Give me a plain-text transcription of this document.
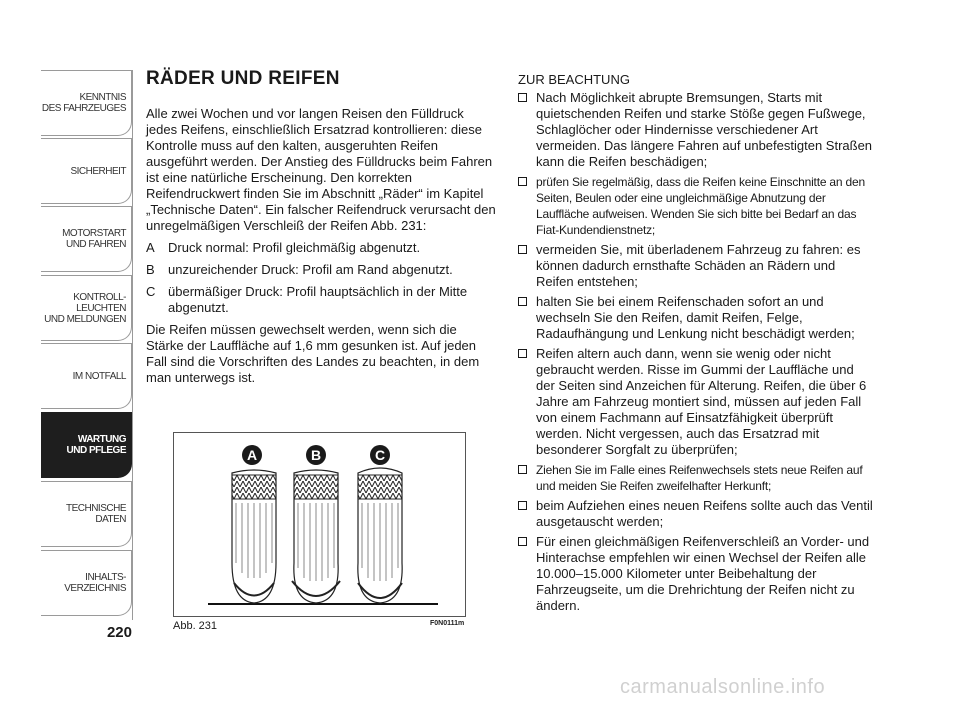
KENNTNIS
DES FAHRZEUGES
SICHERHEIT
MOTORSTART
UND FAHREN
KONTROLL-
LEUCHTEN
UND MELDUNGEN
IM NOTFALL
WARTUNG
UND PFLEGE
TECHNISCHE
DATEN
INHALTS-
VERZEICHNIS
220
RÄDER UND REIFEN

Alle zwei Wochen und vor langen Reisen den Fülldruck jedes Reifens, einschließlich Ersatzrad kontrollieren: diese Kontrolle muss auf den kalten, ausgeruhten Reifen ausgeführt werden. Der Anstieg des Fülldrucks beim Fahren ist eine natürliche Erscheinung. Den korrekten Reifendruckwert finden Sie im Abschnitt „Räder“ im Kapitel „Technische Daten“. Ein falscher Reifendruck verursacht den unregelmäßigen Verschleiß der Reifen Abb. 231:

A	Druck normal: Profil gleichmäßig abgenutzt.
B	unzureichender Druck: Profil am Rand abgenutzt.
C übermäßiger Druck: Profil hauptsächlich in der Mitte abgenutzt.

Die Reifen müssen gewechselt werden, wenn sich die Stärke der Lauffläche auf 1,6 mm gesunken ist. Auf jeden Fall sind die Vorschriften des Landes zu beachten, in dem man unterwegs ist.

A	B	C
Abb. 231	F0N0111m
ZUR BEACHTUNG
Nach Möglichkeit abrupte Bremsungen, Starts mit quietschenden Reifen und starke Stöße gegen Fußwege, Schlaglöcher oder Hindernisse verschiedener Art vermeiden. Das längere Fahren auf unbefestigten Straßen kann die Reifen beschädigen;
prüfen Sie regelmäßig, dass die Reifen keine Einschnitte an den Seiten, Beulen oder eine ungleichmäßige Abnutzung der Lauffläche aufweisen. Wenden Sie sich bitte bei Bedarf an das Fiat-Kundendienstnetz;
vermeiden Sie, mit überladenem Fahrzeug zu fahren: es können dadurch ernsthafte Schäden an Rädern und Reifen entstehen;
halten Sie bei einem Reifenschaden sofort an und wechseln Sie den Reifen, damit Reifen, Felge, Radaufhängung und Lenkung nicht beschädigt werden;
Reifen altern auch dann, wenn sie wenig oder nicht gebraucht werden. Risse im Gummi der Lauffläche und der Seiten sind Anzeichen für Alterung. Reifen, die über 6 Jahre am Fahrzeug montiert sind, müssen auf jeden Fall von einem Fachmann auf Einsatzfähigkeit überprüft werden. Nicht vergessen, auch das Ersatzrad mit besonderer Sorgfalt zu überprüfen;
Ziehen Sie im Falle eines Reifenwechsels stets neue Reifen auf und meiden Sie Reifen zweifelhafter Herkunft;
beim Aufziehen eines neuen Reifens sollte auch das Ventil ausgetauscht werden;
Für einen gleichmäßigen Reifenverschleiß an Vorder- und Hinterachse empfehlen wir einen Wechsel der Reifen alle 10.000–15.000 Kilometer unter Beibehaltung der Fahrzeugseite, um die Drehrichtung der Reifen nicht zu ändern.
carmanualsonline.info
